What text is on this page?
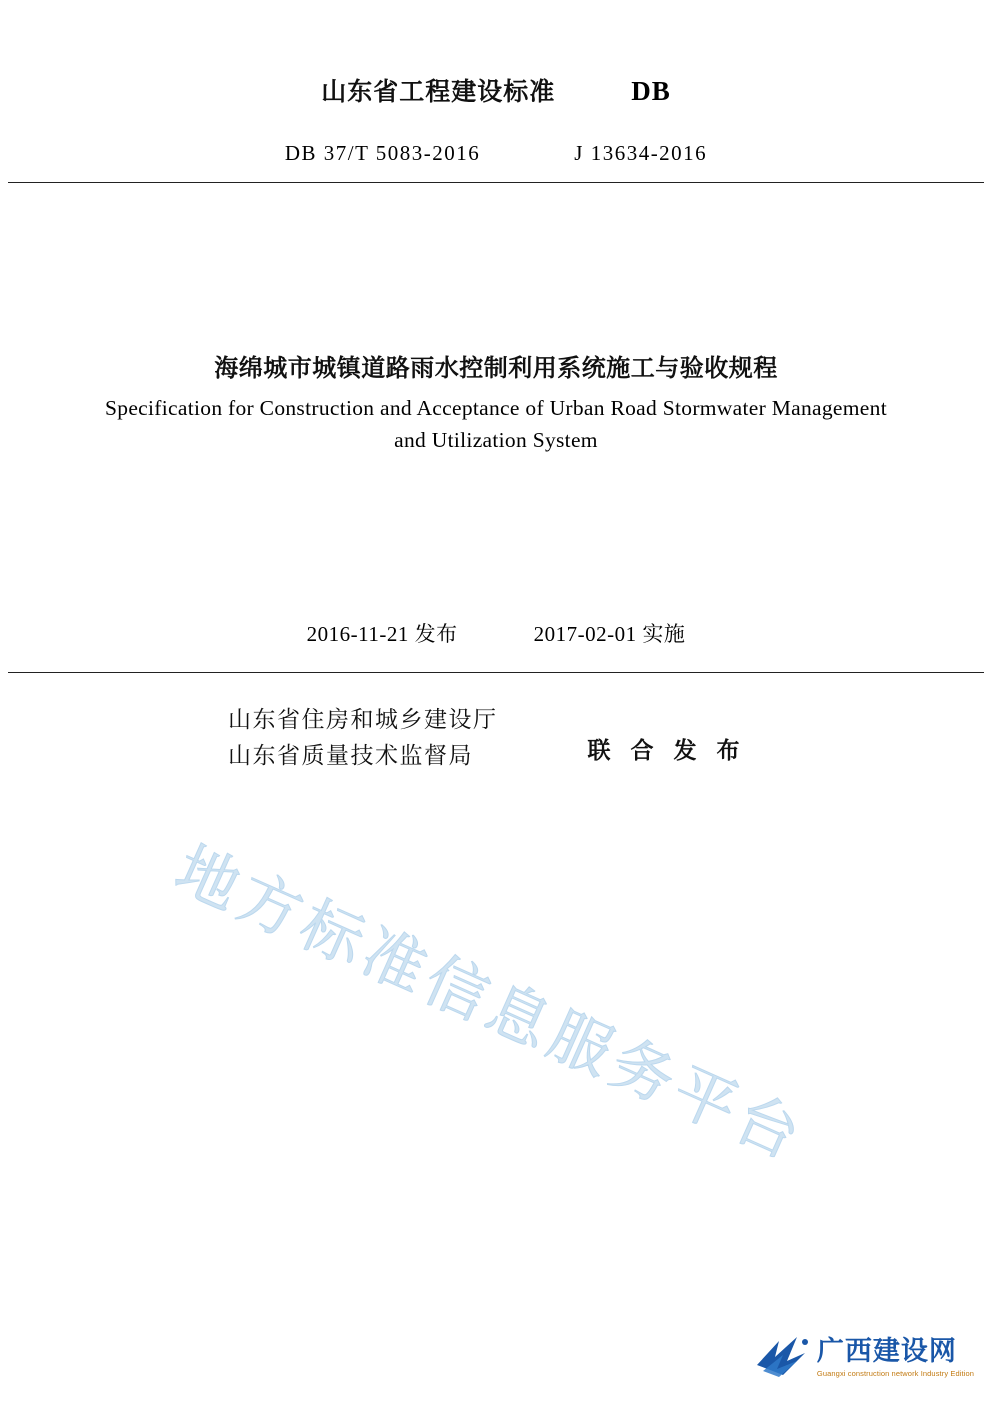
山东省工程建设标准	DB
DB 37/T 5083-2016	J 13634-2016
海绵城市城镇道路雨水控制利用系统施工与验收规程
Specification for Construction and Acceptance of Urban Road Stormwater Management and Utilization System
2016-11-21 发布	2017-02-01 实施
山东省住房和城乡建设厅
山东省质量技术监督局	联 合 发 布
地方标准信息服务平台
广西建设网
Guangxi construction network Industry Edition
